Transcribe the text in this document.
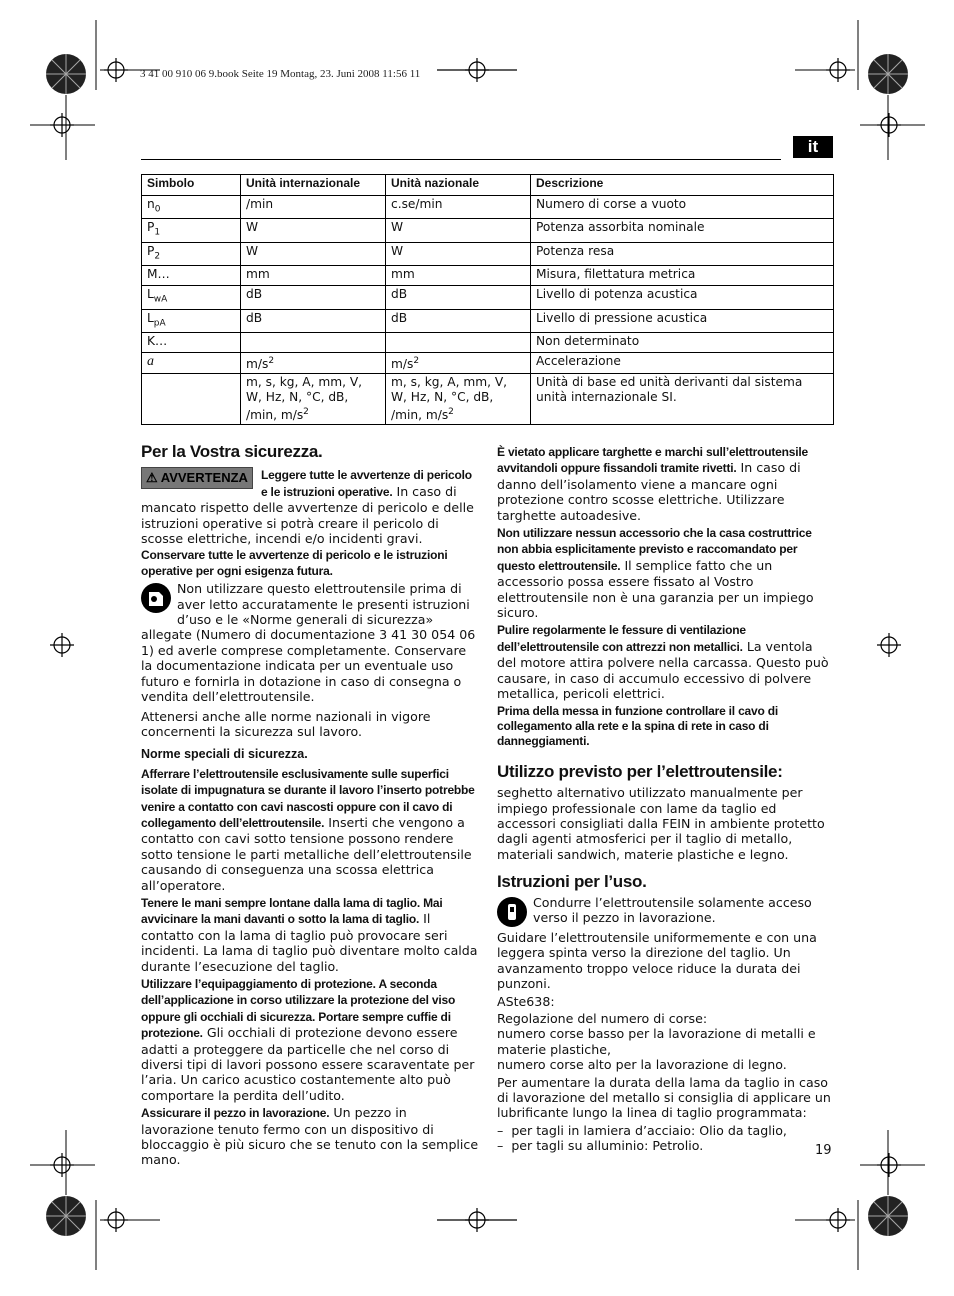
3 41 00 910 06 9.book Seite 19 Montag, 23. Juni 2008 11:56 11
it
Simbolo	Unità internazionale	Unità nazionale	Descrizione
$n_0$	/min	c.se/min	Numero di corse a vuoto
$P_1$	W	W	Potenza assorbita nominale
$P_2$	W	W	Potenza resa
M…	mm	mm	Misura, filettatura metrica
$L_{wA}$	dB	dB	Livello di potenza acustica
$L_{pA}$	dB	dB	Livello di pressione acustica
K…			Non determinato
a	$m/s^2$	$m/s^2$	Accelerazione
	m, s, kg, A, mm, V, W, Hz, N, °C, dB, /min, $m/s^2$	m, s, kg, A, mm, V, W, Hz, N, °C, dB, /min, $m/s^2$	Unità di base ed unità derivanti dal sistema unità internazionale SI.
Per la Vostra sicurezza.
⚠ AVVERTENZA	Leggere tutte le avvertenze di pericolo e le istruzioni operative. In caso di mancato rispetto delle avvertenze di pericolo e delle istruzioni operative si potrà creare il pericolo di scosse elettriche, incendi e/o incidenti gravi.

Conservare tutte le avvertenze di pericolo e le istruzioni operative per ogni esigenza futura.

Non utilizzare questo elettroutensile prima di aver letto accuratamente le presenti istruzioni d’uso e le «Norme generali di sicurezza» allegate (Numero di documentazione 3 41 30 054 06 1) ed averle comprese completamente. Conservare la documentazione indicata per un eventuale uso futuro e fornirla in dotazione in caso di consegna o vendita dell’elettroutensile.

Attenersi anche alle norme nazionali in vigore concernenti la sicurezza sul lavoro.

Norme speciali di sicurezza.

Afferrare l’elettroutensile esclusivamente sulle superfici isolate di impugnatura se durante il lavoro l’inserto potrebbe venire a contatto con cavi nascosti oppure con il cavo di collegamento dell’elettroutensile. Inserti che vengono a contatto con cavi sotto tensione possono rendere sotto tensione le parti metalliche dell’elettroutensile causando di conseguenza una scossa elettrica all’operatore.

Tenere le mani sempre lontane dalla lama di taglio. Mai avvicinare la mani davanti o sotto la lama di taglio. Il contatto con la lama di taglio può provocare seri incidenti. La lama di taglio può diventare molto calda durante l’esecuzione del taglio.

Utilizzare l’equipaggiamento di protezione. A seconda dell’applicazione in corso utilizzare la protezione del viso oppure gli occhiali di sicurezza. Portare sempre cuffie di protezione. Gli occhiali di protezione devono essere adatti a proteggere da particelle che nel corso di diversi tipi di lavori possono essere scaraventate per l’aria. Un carico acustico costantemente alto può comportare la perdita dell’udito.

Assicurare il pezzo in lavorazione. Un pezzo in lavorazione tenuto fermo con un dispositivo di bloccaggio è più sicuro che se tenuto con la semplice mano.

È vietato applicare targhette e marchi sull’elettroutensile avvitandoli oppure fissandoli tramite rivetti. In caso di danno dell’isolamento viene a mancare ogni protezione contro scosse elettriche. Utilizzare targhette autoadesive.

Non utilizzare nessun accessorio che la casa costruttrice non abbia esplicitamente previsto e raccomandato per questo elettroutensile. Il semplice fatto che un accessorio possa essere fissato al Vostro elettroutensile non è una garanzia per un impiego sicuro.

Pulire regolarmente le fessure di ventilazione dell’elettroutensile con attrezzi non metallici. La ventola del motore attira polvere nella carcassa. Questo può causare, in caso di accumulo eccessivo di polvere metallica, pericoli elettrici.

Prima della messa in funzione controllare il cavo di collegamento alla rete e la spina di rete in caso di danneggiamenti.

Utilizzo previsto per l’elettroutensile:

seghetto alternativo utilizzato manualmente per impiego professionale con lame da taglio ed accessori consigliati dalla FEIN in ambiente protetto dagli agenti atmosferici per il taglio di metallo, materiali sandwich, materie plastiche e legno.

Istruzioni per l’uso.

Condurre l’elettroutensile solamente acceso verso il pezzo in lavorazione.

Guidare l’elettroutensile uniformemente e con una leggera spinta verso la direzione del taglio. Un avanzamento troppo veloce riduce la durata dei punzoni.

ASte638:

Regolazione del numero di corse:

numero corse basso per la lavorazione di metalli e materie plastiche,

numero corse alto per la lavorazione di legno.

Per aumentare la durata della lama da taglio in caso di lavorazione del metallo si consiglia di applicare un lubrificante lungo la linea di taglio programmata:

–  per tagli in lamiera d’acciaio: Olio da taglio,
–  per tagli su alluminio: Petrolio.	19
